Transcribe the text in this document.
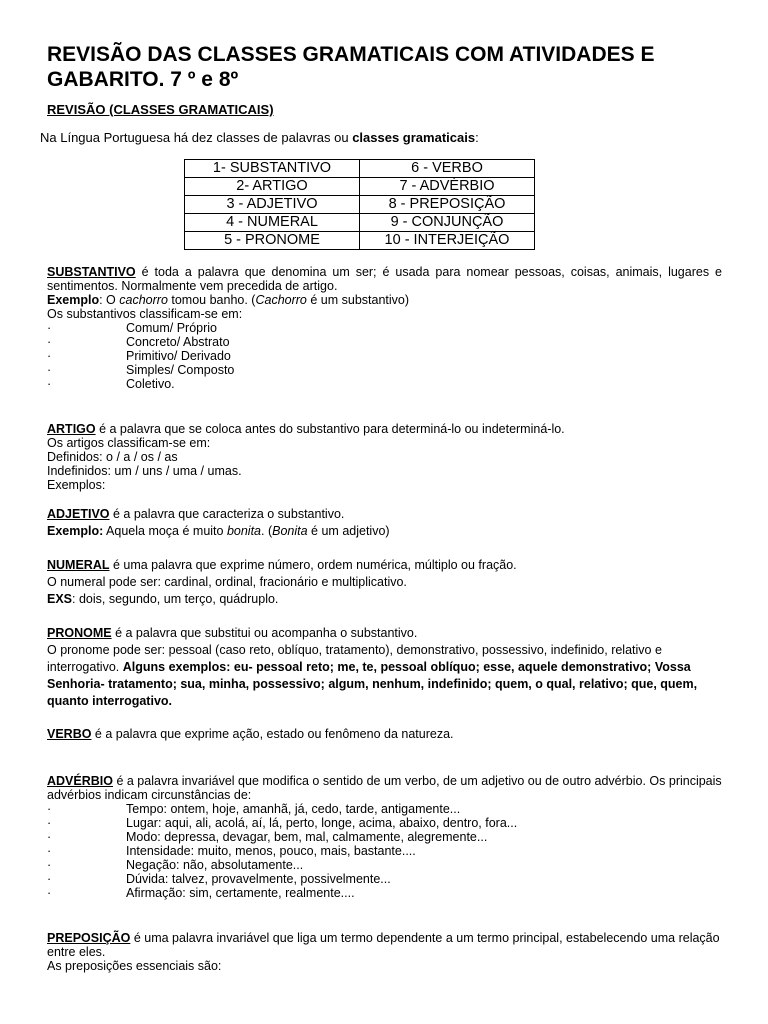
REVISÃO DAS CLASSES GRAMATICAIS COM ATIVIDADES E GABARITO. 7 º e 8º
REVISÃO (CLASSES GRAMATICAIS)
Na Língua Portuguesa há dez classes de palavras ou classes gramaticais:
1- SUBSTANTIVO	6 - VERBO
2- ARTIGO	7 - ADVÉRBIO
3 - ADJETIVO	8 - PREPOSIÇÃO
4 - NUMERAL	9 - CONJUNÇÃO
5 - PRONOME	10 - INTERJEIÇÃO
SUBSTANTIVO é toda a palavra que denomina um ser; é usada para nomear pessoas, coisas, animais, lugares e sentimentos. Normalmente vem precedida de artigo.
Exemplo: O cachorro tomou banho. (Cachorro é um substantivo)
Os substantivos classificam-se em:
·	Comum/ Próprio
·	Concreto/ Abstrato
·	Primitivo/ Derivado
·	Simples/ Composto
·	Coletivo.
ARTIGO é a palavra que se coloca antes do substantivo para determiná-lo ou indeterminá-lo.
Os artigos classificam-se em:
Definidos: o / a / os / as
Indefinidos: um / uns / uma / umas.
Exemplos:
ADJETIVO é a palavra que caracteriza o substantivo.
Exemplo: Aquela moça é muito bonita. (Bonita é um adjetivo)
NUMERAL é uma palavra que exprime número, ordem numérica, múltiplo ou fração.
O numeral pode ser: cardinal, ordinal, fracionário e multiplicativo.
EXS: dois, segundo, um terço, quádruplo.
PRONOME é a palavra que substitui ou acompanha o substantivo.
O pronome pode ser: pessoal (caso reto, oblíquo, tratamento), demonstrativo, possessivo, indefinido, relativo e interrogativo. Alguns exemplos: eu- pessoal reto; me, te, pessoal oblíquo; esse, aquele demonstrativo; Vossa Senhoria- tratamento; sua, minha, possessivo; algum, nenhum, indefinido; quem, o qual, relativo; que, quem, quanto interrogativo.
VERBO é a palavra que exprime ação, estado ou fenômeno da natureza.
ADVÉRBIO é a palavra invariável que modifica o sentido de um verbo, de um adjetivo ou de outro advérbio. Os principais advérbios indicam circunstâncias de:
·	Tempo: ontem, hoje, amanhã, já, cedo, tarde, antigamente...
·	Lugar: aqui, ali, acolá, aí, lá, perto, longe, acima, abaixo, dentro, fora...
·	Modo: depressa, devagar, bem, mal, calmamente, alegremente...
·	Intensidade: muito, menos, pouco, mais, bastante....
·	Negação: não, absolutamente...
·	Dúvida: talvez, provavelmente, possivelmente...
·	Afirmação: sim, certamente, realmente....
PREPOSIÇÃO é uma palavra invariável que liga um termo dependente a um termo principal, estabelecendo uma relação entre eles.
As preposições essenciais são:
